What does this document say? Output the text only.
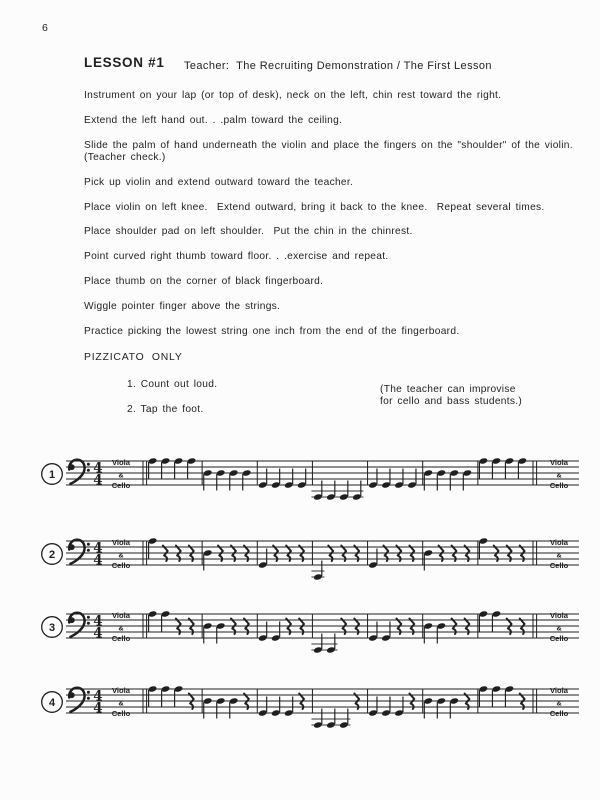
6
LESSON #1 Teacher:  The Recruiting Demonstration / The First Lesson
Instrument on your lap (or top of desk), neck on the left, chin rest toward the right.
Extend the left hand out. . .palm toward the ceiling.
Slide the palm of hand underneath the violin and place the fingers on the "shoulder" of the violin.
(Teacher check.)
Pick up violin and extend outward toward the teacher.
Place violin on left knee.  Extend outward, bring it back to the knee.  Repeat several times.
Place shoulder pad on left shoulder.  Put the chin in the chinrest.
Point curved right thumb toward floor. . .exercise and repeat.
Place thumb on the corner of black fingerboard.
Wiggle pointer finger above the strings.
Practice picking the lowest string one inch from the end of the fingerboard.
PIZZICATO  ONLY
1. Count out loud.
2. Tap the foot.
(The teacher can improvise
for cello and bass students.)
1	4
4
Viola
&
Cello
Viola
&
Cello
2	4
4
Viola
&
Cello
Viola
&
Cello
3	4
4
Viola
&
Cello
Viola
&
Cello
4	4
4
Viola
&
Cello
Viola
&
Cello
